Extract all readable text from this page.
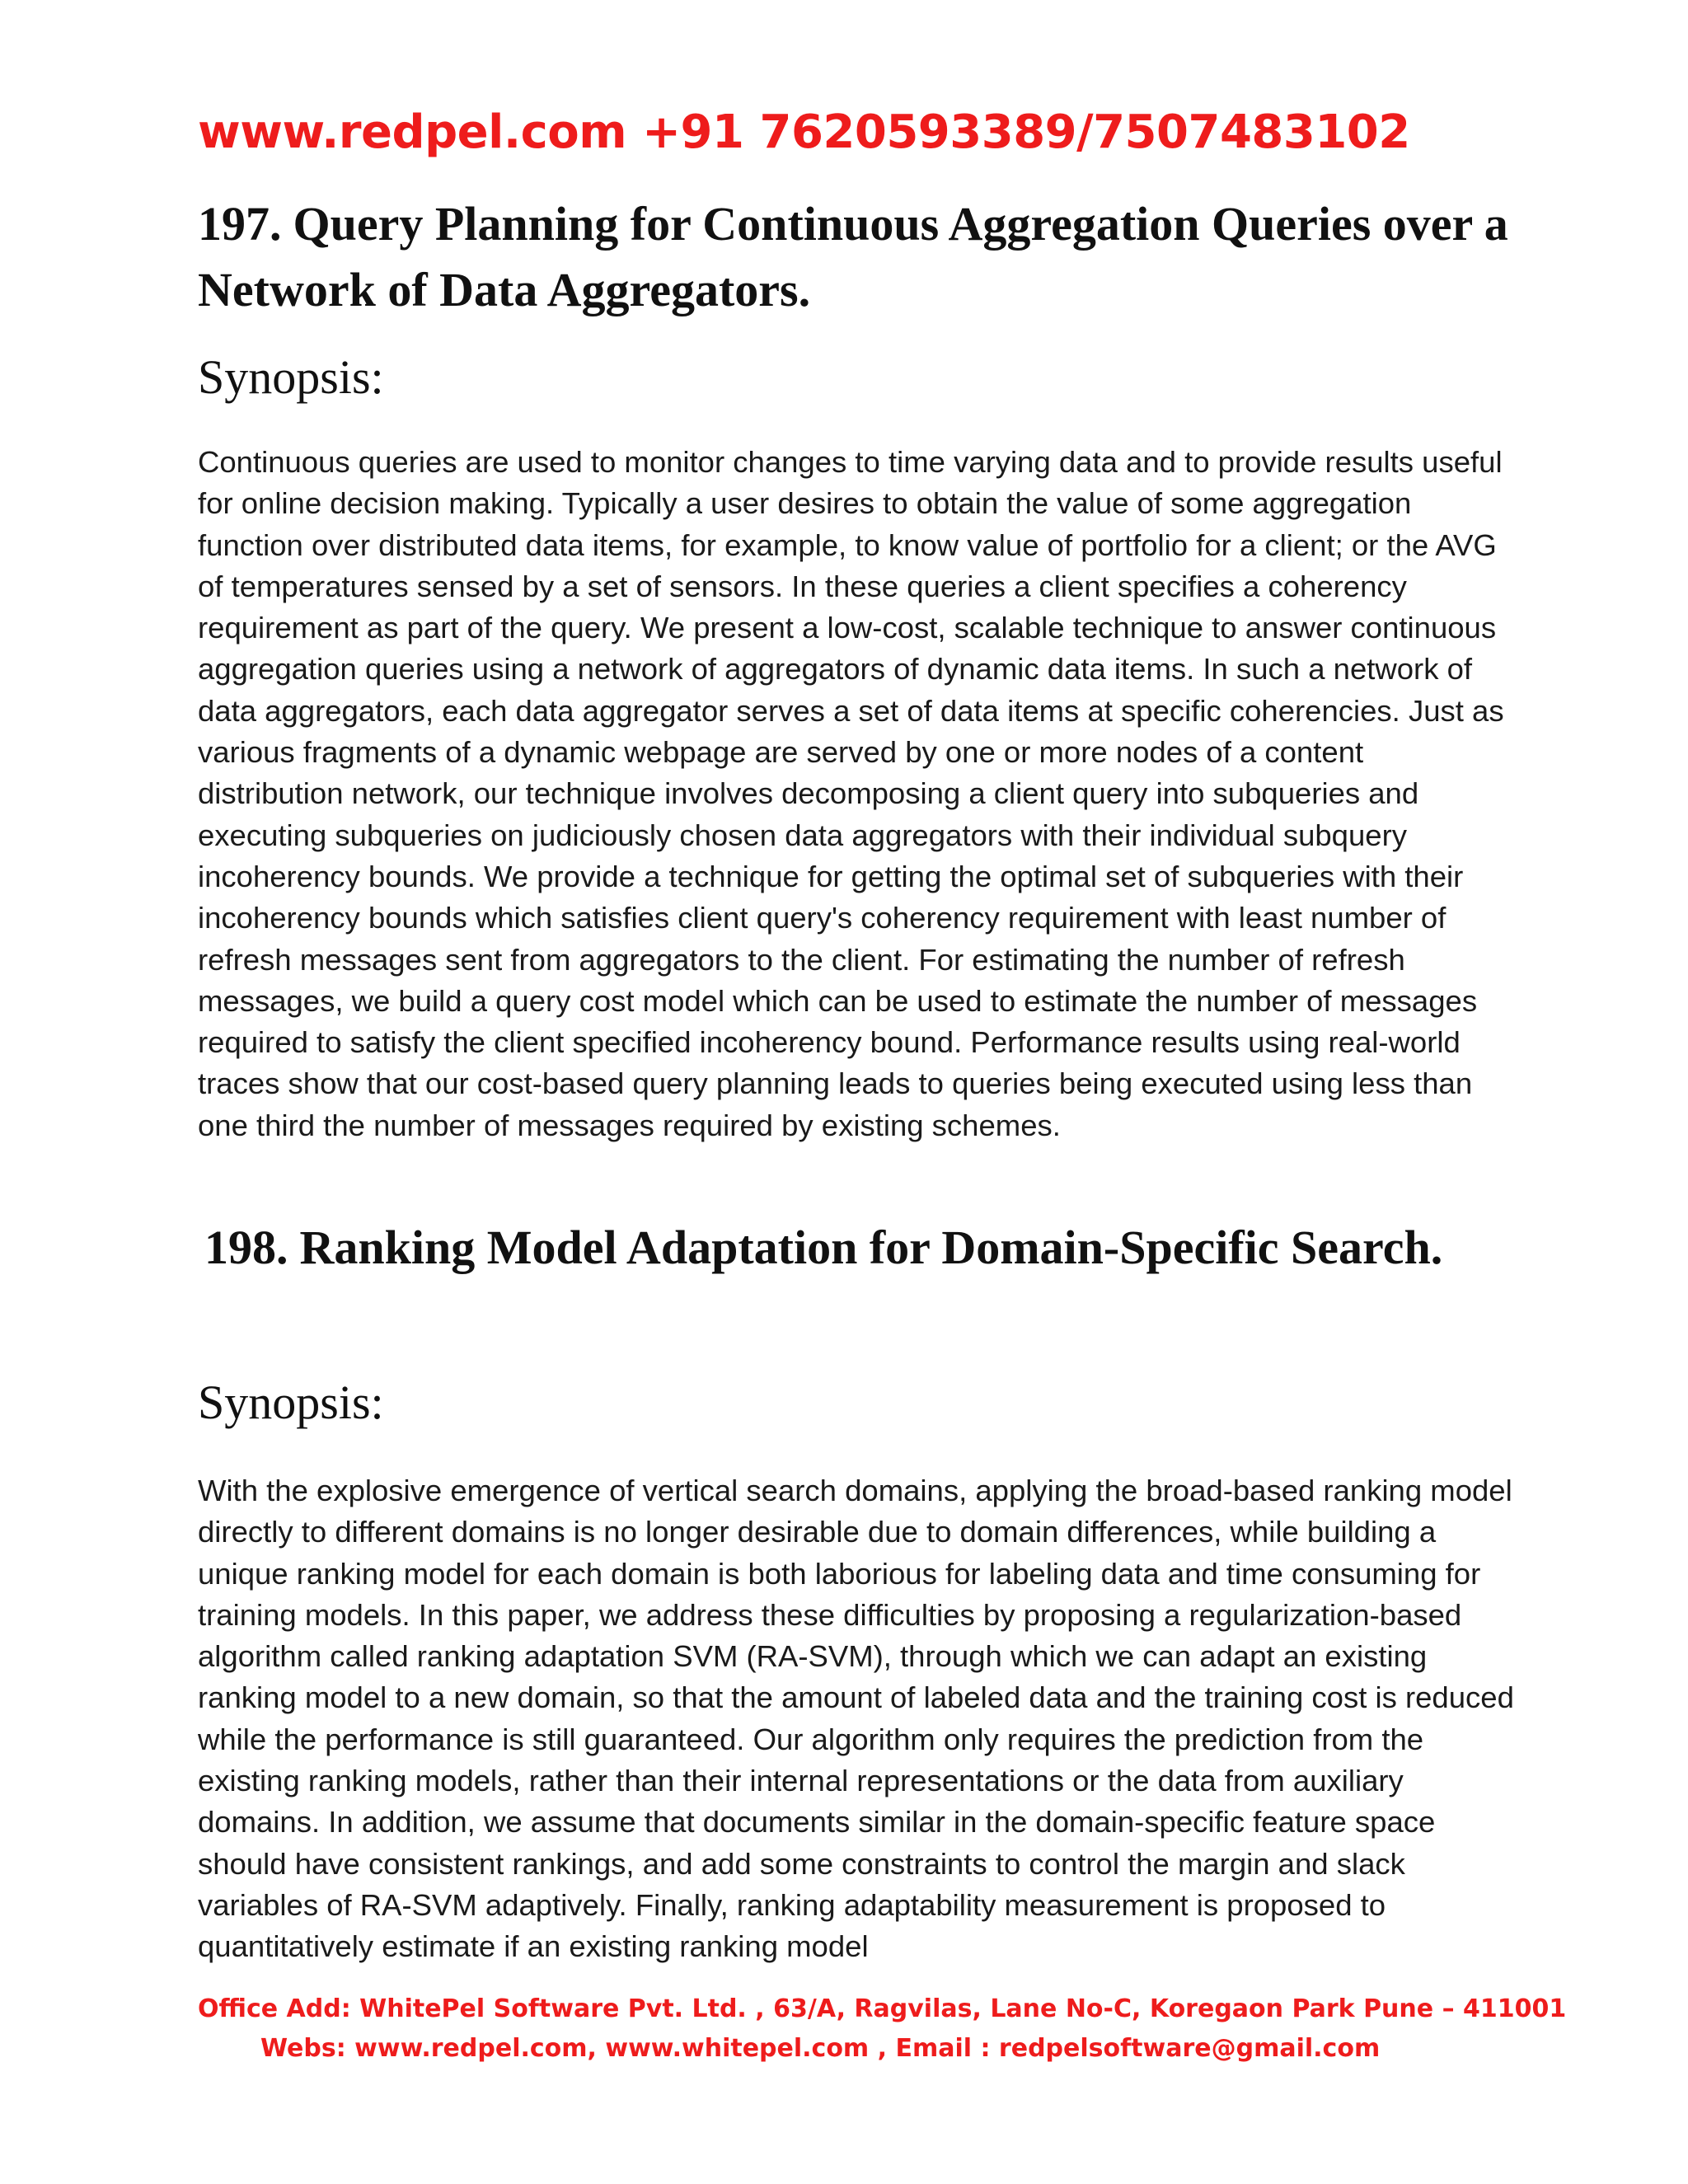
www.redpel.com +91 7620593389/7507483102
197. Query Planning for Continuous Aggregation Queries over a Network of Data Aggregators.
Synopsis:

Continuous queries are used to monitor changes to time varying data and to provide results useful for online decision making. Typically a user desires to obtain the value of some aggregation function over distributed data items, for example, to know value of portfolio for a client; or the AVG of temperatures sensed by a set of sensors. In these queries a client specifies a coherency requirement as part of the query. We present a low-cost, scalable technique to answer continuous aggregation queries using a network of aggregators of dynamic data items. In such a network of data aggregators, each data aggregator serves a set of data items at specific coherencies. Just as various fragments of a dynamic webpage are served by one or more nodes of a content distribution network, our technique involves decomposing a client query into subqueries and executing subqueries on judiciously chosen data aggregators with their individual subquery incoherency bounds. We provide a technique for getting the optimal set of subqueries with their incoherency bounds which satisfies client query's coherency requirement with least number of refresh messages sent from aggregators to the client. For estimating the number of refresh messages, we build a query cost model which can be used to estimate the number of messages required to satisfy the client specified incoherency bound. Performance results using real-world traces show that our cost-based query planning leads to queries being executed using less than one third the number of messages required by existing schemes.

198. Ranking Model Adaptation for Domain-Specific Search.
Synopsis:

With the explosive emergence of vertical search domains, applying the broad-based ranking model directly to different domains is no longer desirable due to domain differences, while building a unique ranking model for each domain is both laborious for labeling data and time consuming for training models. In this paper, we address these difficulties by proposing a regularization-based algorithm called ranking adaptation SVM (RA-SVM), through which we can adapt an existing ranking model to a new domain, so that the amount of labeled data and the training cost is reduced while the performance is still guaranteed. Our algorithm only requires the prediction from the existing ranking models, rather than their internal representations or the data from auxiliary domains. In addition, we assume that documents similar in the domain-specific feature space should have consistent rankings, and add some constraints to control the margin and slack variables of RA-SVM adaptively. Finally, ranking adaptability measurement is proposed to quantitatively estimate if an existing ranking model

Office Add: WhitePel Software Pvt. Ltd. , 63/A, Ragvilas, Lane No-C, Koregaon Park Pune – 411001
Webs: www.redpel.com, www.whitepel.com , Email : redpelsoftware@gmail.com
